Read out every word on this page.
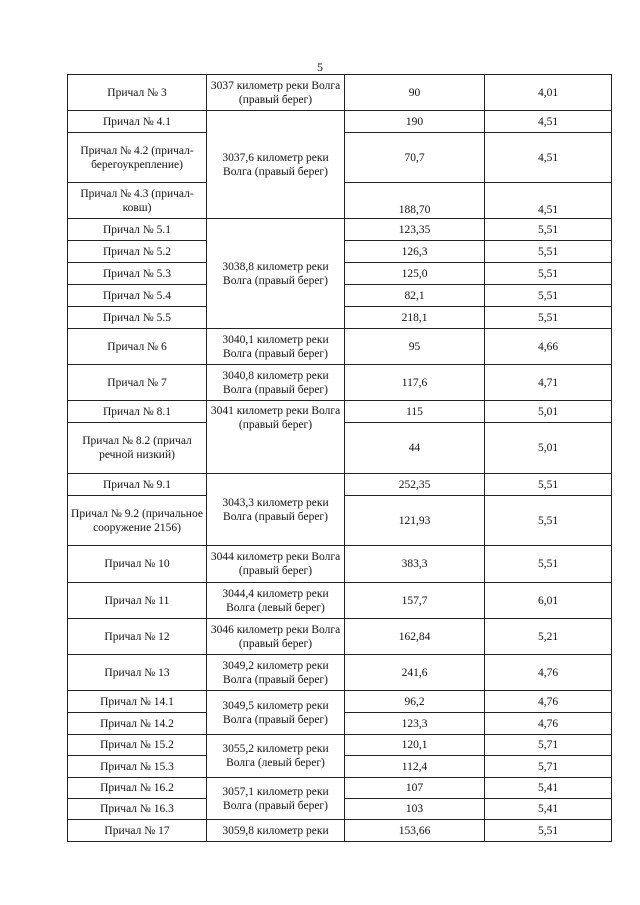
5
Причал № 3	3037 километр реки Волга (правый берег)	90	4,01
Причал № 4.1	3037,6 километр реки Волга (правый берег)	190	4,51
Причал № 4.2 (причал-берегоукрепление)		70,7	4,51
Причал № 4.3 (причал-ковш)		188,70	4,51
Причал № 5.1	3038,8 километр реки Волга (правый берег)	123,35	5,51
Причал № 5.2		126,3	5,51
Причал № 5.3		125,0	5,51
Причал № 5.4		82,1	5,51
Причал № 5.5		218,1	5,51
Причал № 6	3040,1 километр реки Волга (правый берег)	95	4,66
Причал № 7	3040,8 километр реки Волга (правый берег)	117,6	4,71
Причал № 8.1	3041 километр реки Волга (правый берег)	115	5,01
Причал № 8.2 (причал речной низкий)		44	5,01
Причал № 9.1	3043,3 километр реки Волга (правый берег)	252,35	5,51
Причал № 9.2 (причальное сооружение 2156)		121,93	5,51
Причал № 10	3044 километр реки Волга (правый берег)	383,3	5,51
Причал № 11	3044,4 километр реки Волга (левый берег)	157,7	6,01
Причал № 12	3046 километр реки Волга (правый берег)	162,84	5,21
Причал № 13	3049,2 километр реки Волга (правый берег)	241,6	4,76
Причал № 14.1	3049,5 километр реки Волга (правый берег)	96,2	4,76
Причал № 14.2		123,3	4,76
Причал № 15.2	3055,2 километр реки Волга (левый берег)	120,1	5,71
Причал № 15.3		112,4	5,71
Причал № 16.2	3057,1 километр реки Волга (правый берег)	107	5,41
Причал № 16.3		103	5,41
Причал № 17	3059,8 километр реки	153,66	5,51
